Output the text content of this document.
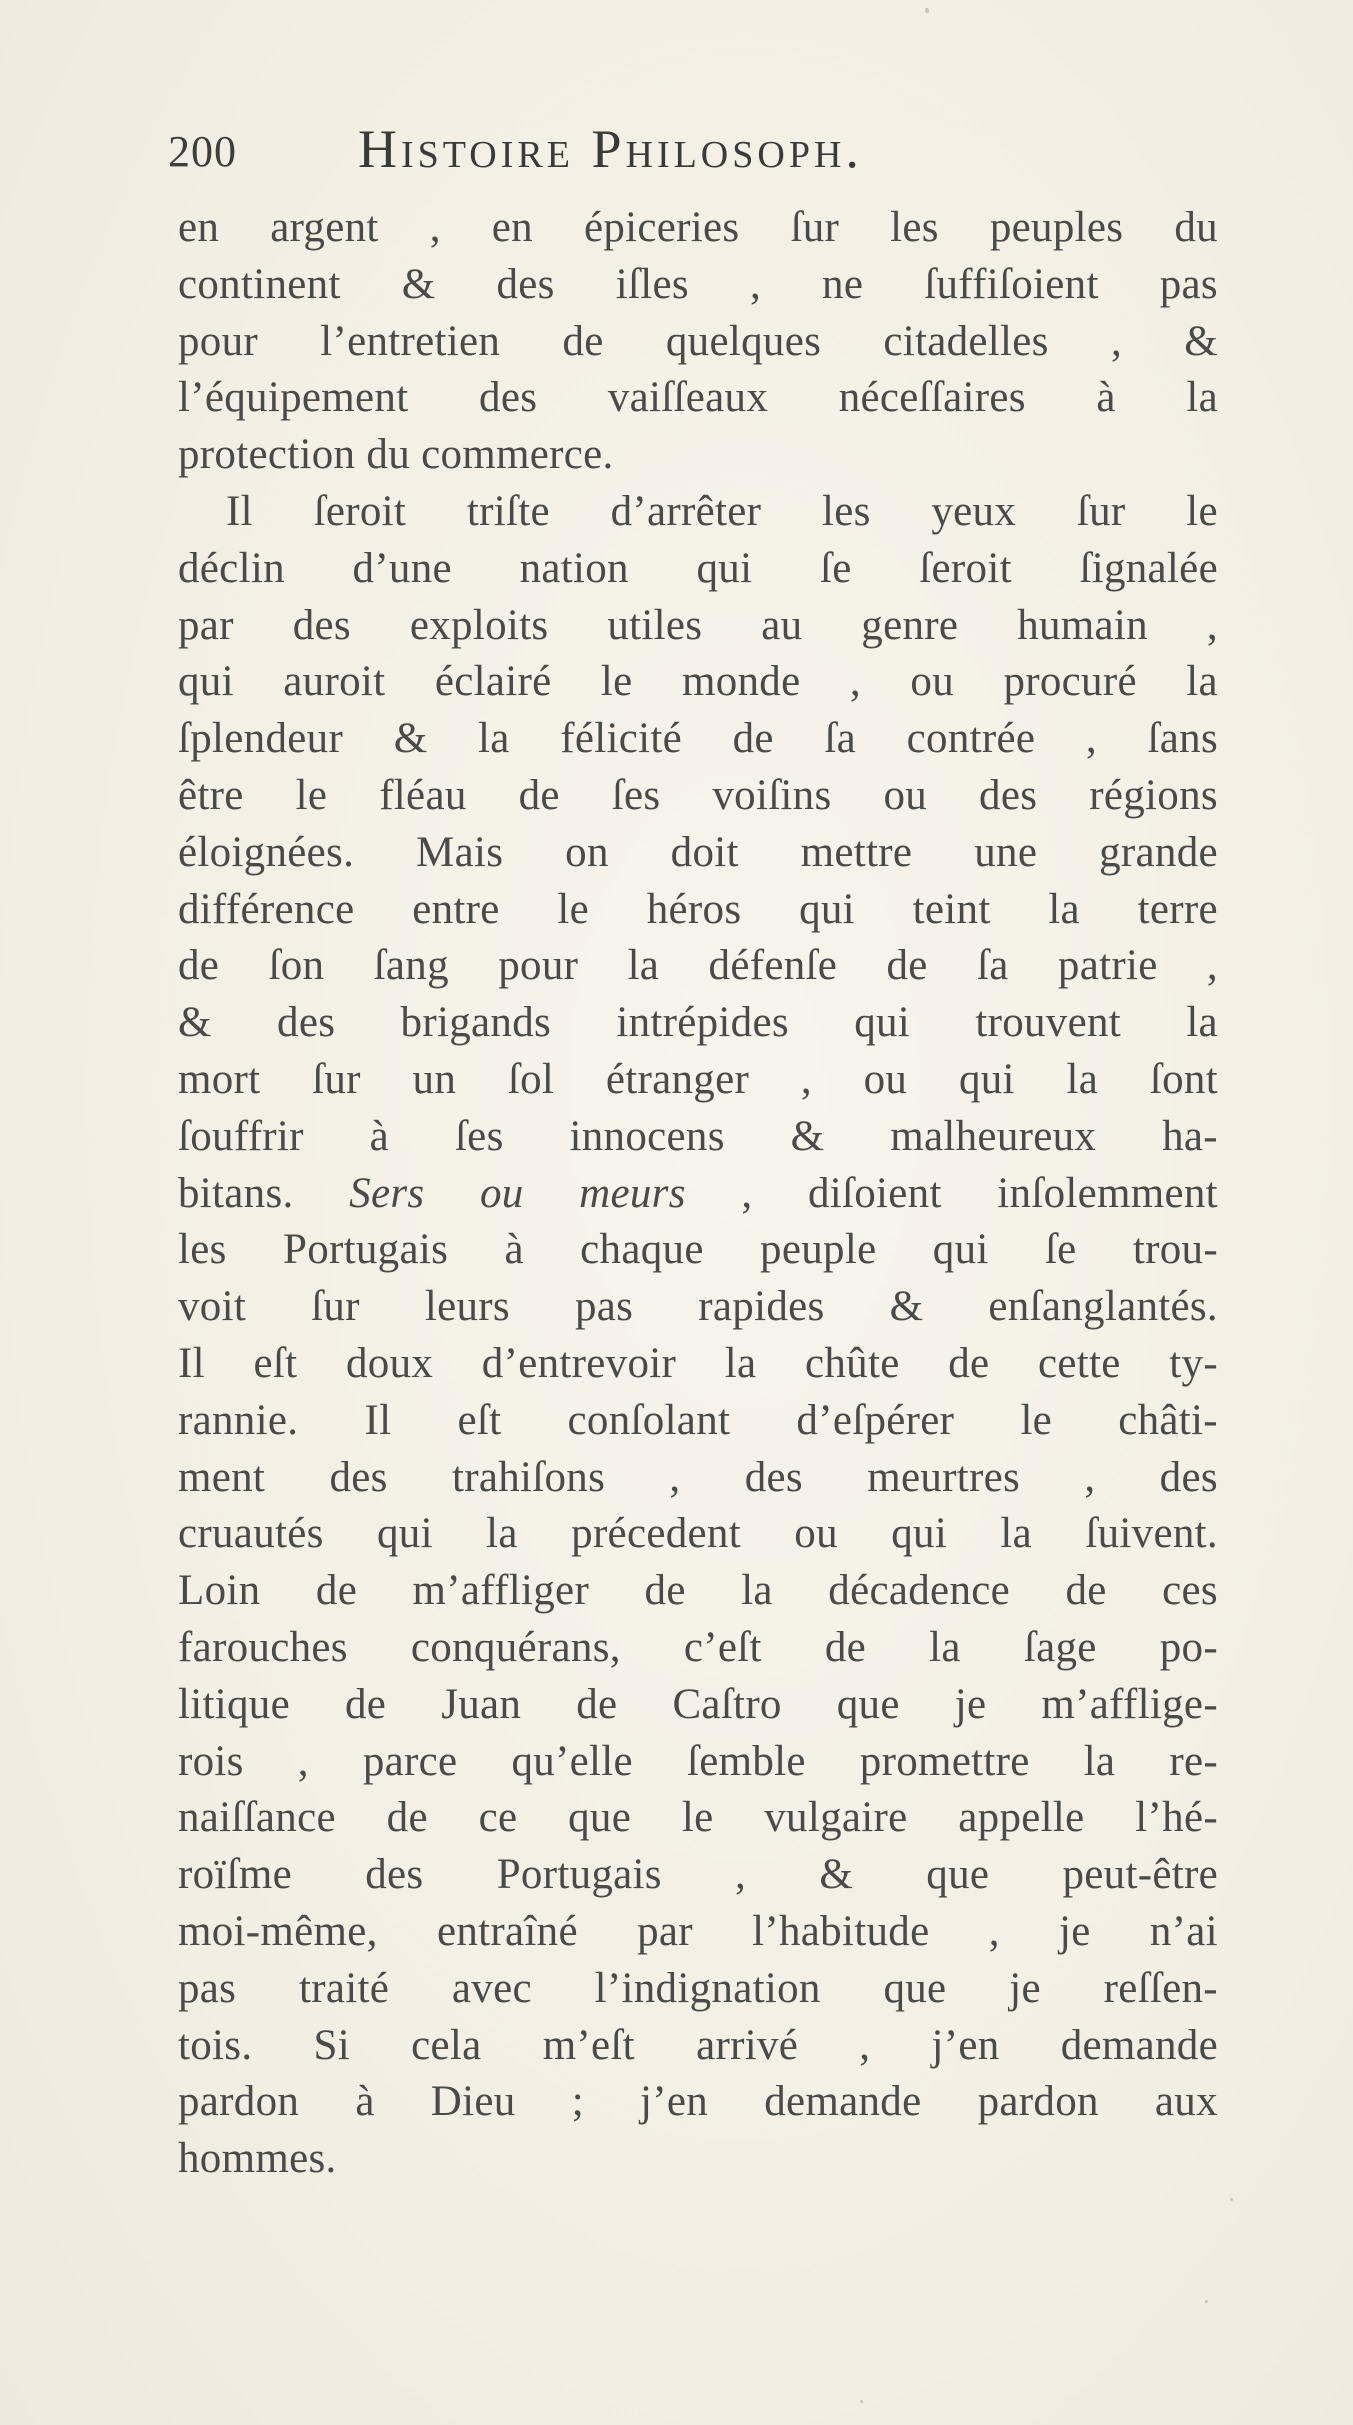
200 Histoire Philosoph.
en argent , en épiceries ſur les peuples du
continent & des iſles , ne ſuffiſoient pas
pour l’entretien de quelques citadelles , &
l’équipement des vaiſſeaux néceſſaires à la
protection
du
commerce.
Il ſeroit triſte d’arrêter les yeux ſur le
déclin d’une nation qui ſe ſeroit ſignalée
par des exploits utiles au genre humain ,
qui auroit éclairé le monde , ou procuré la
ſplendeur & la félicité de ſa contrée , ſans
être le fléau de ſes voiſins ou des régions
éloignées. Mais on doit mettre une grande
différence entre le héros qui teint la terre
de ſon ſang pour la défenſe de ſa patrie ,
& des brigands intrépides qui trouvent la
mort ſur un ſol étranger , ou qui la ſont
ſouffrir à ſes innocens & malheureux ha-
bitans. Sers ou meurs , diſoient inſolemment
les Portugais à chaque peuple qui ſe trou-
voit ſur leurs pas rapides & enſanglantés.
Il eſt doux d’entrevoir la chûte de cette ty-
rannie. Il eſt conſolant d’eſpérer le châti-
ment des trahiſons , des meurtres , des
cruautés qui la précedent ou qui la ſuivent.
Loin de m’affliger de la décadence de ces
farouches conquérans, c’eſt de la ſage po-
litique de Juan de Caſtro que je m’afflige-
rois , parce qu’elle ſemble promettre la re-
naiſſance de ce que le vulgaire appelle l’hé-
roïſme des Portugais , & que peut-être
moi-même, entraîné par l’habitude , je n’ai
pas traité avec l’indignation que je reſſen-
tois. Si cela m’eſt arrivé , j’en demande
pardon à Dieu ; j’en demande pardon aux
hommes.
